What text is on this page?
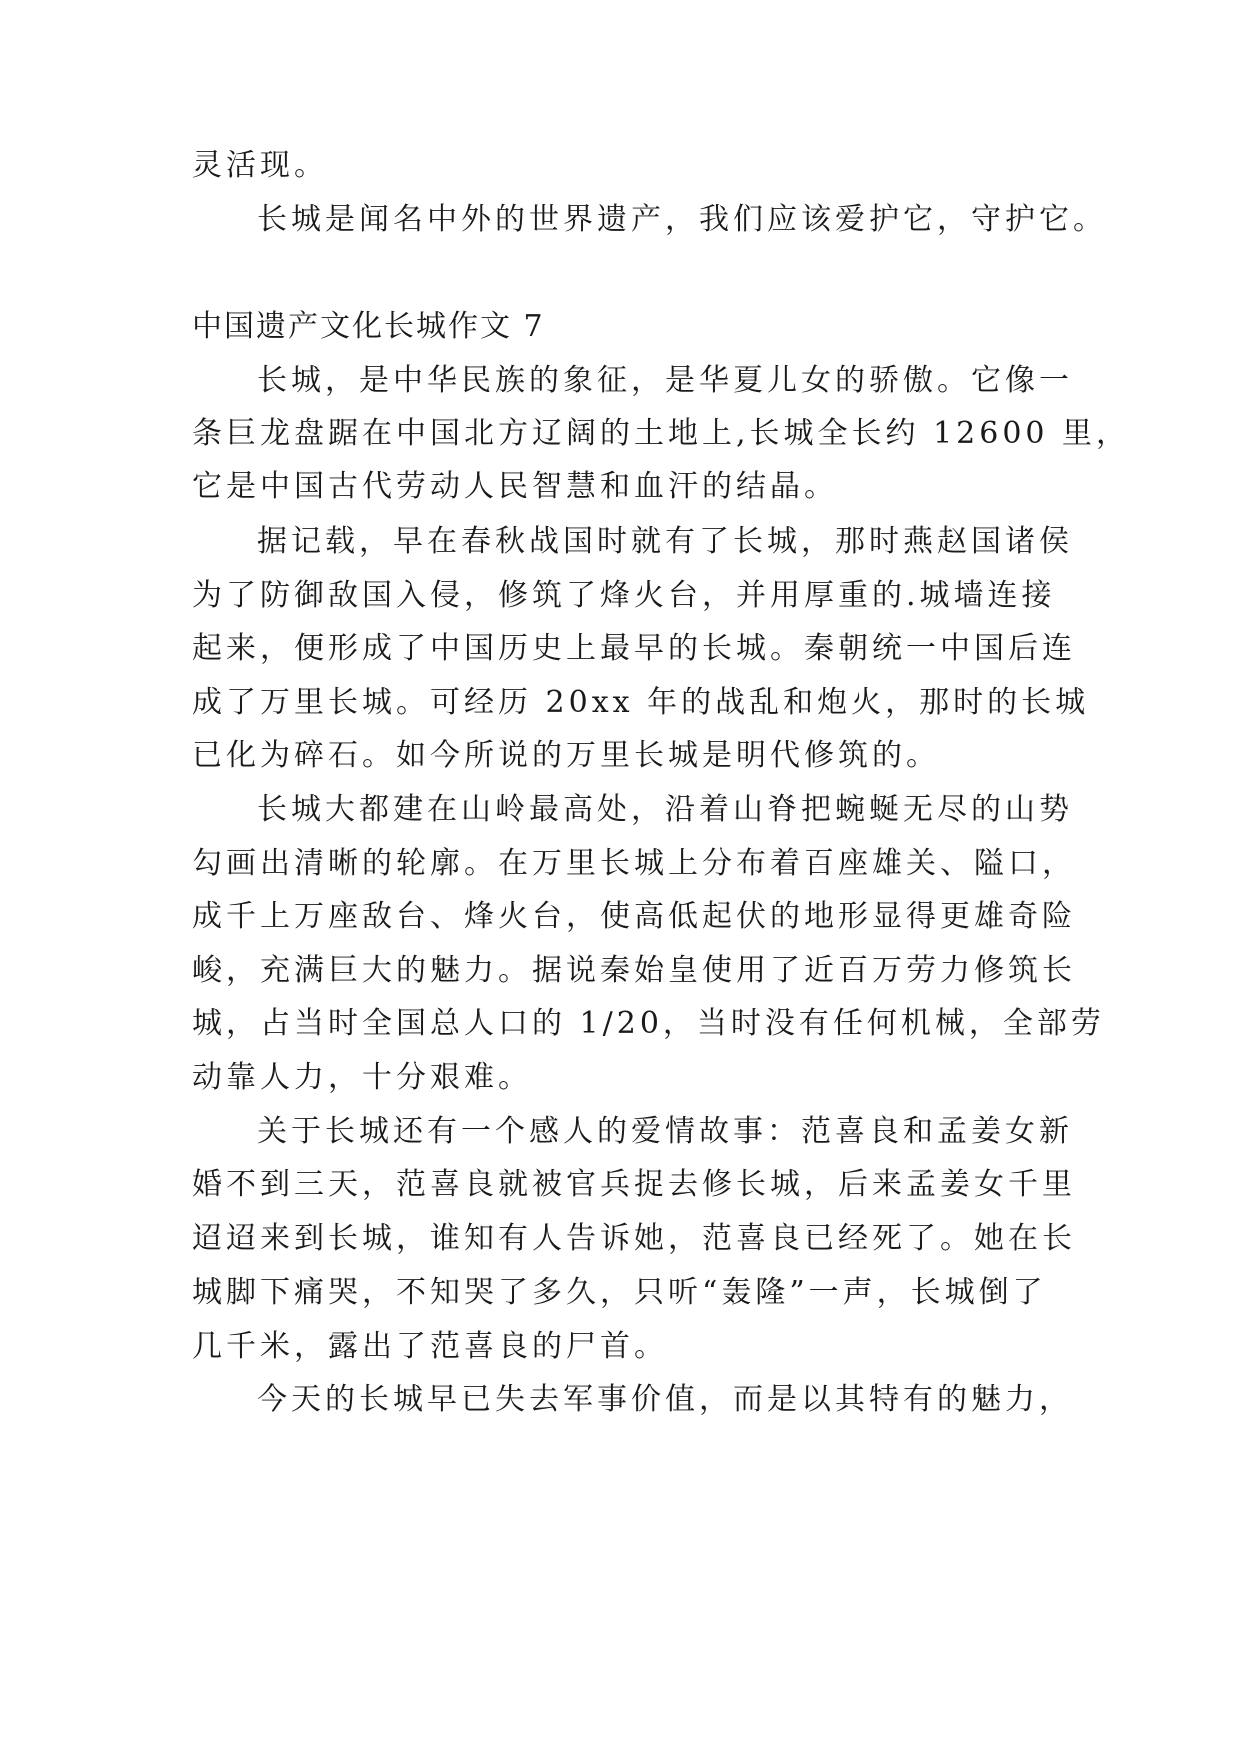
灵活现。
长城是闻名中外的世界遗产，我们应该爱护它，守护它。
中国遗产文化长城作文 7
长城，是中华民族的象征，是华夏儿女的骄傲。它像一
条巨龙盘踞在中国北方辽阔的土地上,长城全长约 12600 里，
它是中国古代劳动人民智慧和血汗的结晶。
据记载，早在春秋战国时就有了长城，那时燕赵国诸侯
为了防御敌国入侵，修筑了烽火台，并用厚重的.城墙连接
起来，便形成了中国历史上最早的长城。秦朝统一中国后连
成了万里长城。可经历 20xx 年的战乱和炮火，那时的长城
已化为碎石。如今所说的万里长城是明代修筑的。
长城大都建在山岭最高处，沿着山脊把蜿蜒无尽的山势
勾画出清晰的轮廓。在万里长城上分布着百座雄关、隘口，
成千上万座敌台、烽火台，使高低起伏的地形显得更雄奇险
峻，充满巨大的魅力。据说秦始皇使用了近百万劳力修筑长
城，占当时全国总人口的 1/20，当时没有任何机械，全部劳
动靠人力，十分艰难。
关于长城还有一个感人的爱情故事：范喜良和孟姜女新
婚不到三天，范喜良就被官兵捉去修长城，后来孟姜女千里
迢迢来到长城，谁知有人告诉她，范喜良已经死了。她在长
城脚下痛哭，不知哭了多久，只听“轰隆”一声，长城倒了
几千米，露出了范喜良的尸首。
今天的长城早已失去军事价值，而是以其特有的魅力，
